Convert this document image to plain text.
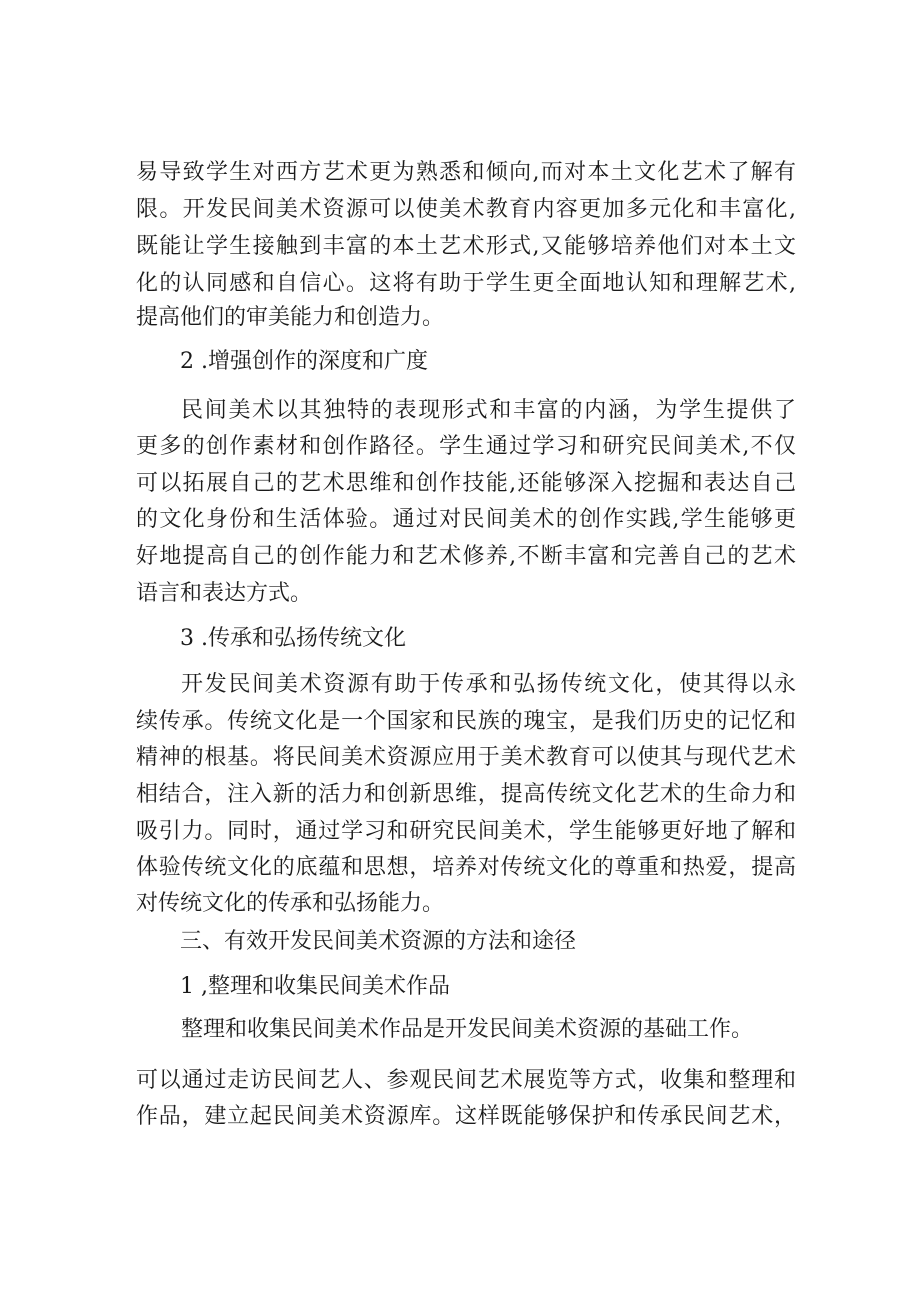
易导致学生对西方艺术更为熟悉和倾向,而对本土文化艺术了解有
限。开发民间美术资源可以使美术教育内容更加多元化和丰富化,
既能让学生接触到丰富的本土艺术形式,又能够培养他们对本土文
化的认同感和自信心。这将有助于学生更全面地认知和理解艺术,
提高他们的审美能力和创造力。
2 .增强创作的深度和广度
民间美术以其独特的表现形式和丰富的内涵，为学生提供了
更多的创作素材和创作路径。学生通过学习和研究民间美术,不仅
可以拓展自己的艺术思维和创作技能,还能够深入挖掘和表达自己
的文化身份和生活体验。通过对民间美术的创作实践,学生能够更
好地提高自己的创作能力和艺术修养,不断丰富和完善自己的艺术
语言和表达方式。
3 .传承和弘扬传统文化
开发民间美术资源有助于传承和弘扬传统文化，使其得以永
续传承。传统文化是一个国家和民族的瑰宝，是我们历史的记忆和
精神的根基。将民间美术资源应用于美术教育可以使其与现代艺术
相结合，注入新的活力和创新思维，提高传统文化艺术的生命力和
吸引力。同时，通过学习和研究民间美术，学生能够更好地了解和
体验传统文化的底蕴和思想，培养对传统文化的尊重和热爱，提高
对传统文化的传承和弘扬能力。
三、有效开发民间美术资源的方法和途径
1 ,整理和收集民间美术作品
整理和收集民间美术作品是开发民间美术资源的基础工作。
可以通过走访民间艺人、参观民间艺术展览等方式，收集和整理和
作品，建立起民间美术资源库。这样既能够保护和传承民间艺术，
